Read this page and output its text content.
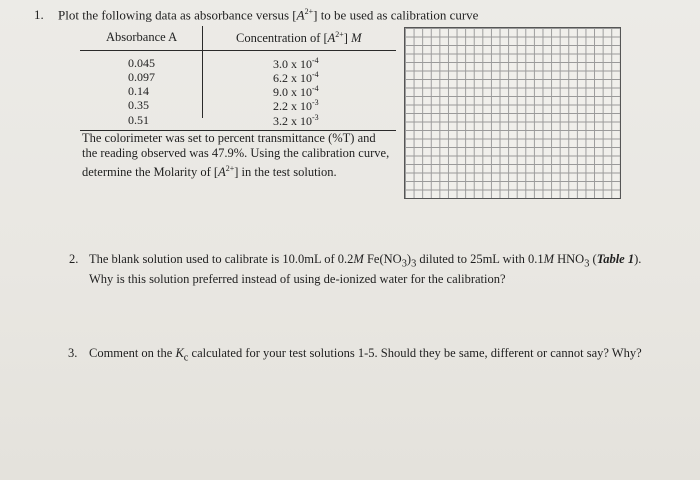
1. Plot the following data as absorbance versus $[A^{2+}]$ to be used as calibration curve
Absorbance A	Concentration of $[A^{2+}]$ M
0.045	3.0 x $10^{-4}$
0.097	6.2 x $10^{-4}$
0.14	9.0 x $10^{-4}$
0.35	2.2 x $10^{-3}$
0.51	3.2 x $10^{-3}$
The colorimeter was set to percent transmittance (%T) and
the reading observed was 47.9%. Using the calibration curve,
determine the Molarity of $[A^{2+}]$ in the test solution.
2. The blank solution used to calibrate is 10.0mL of 0.2M $Fe(NO_3)_3$ diluted to 25mL with 0.1M $HNO_3$ (Table 1).
Why is this solution preferred instead of using de-ionized water for the calibration?
3. Comment on the $K_c$ calculated for your test solutions 1-5. Should they be same, different or cannot say? Why?
